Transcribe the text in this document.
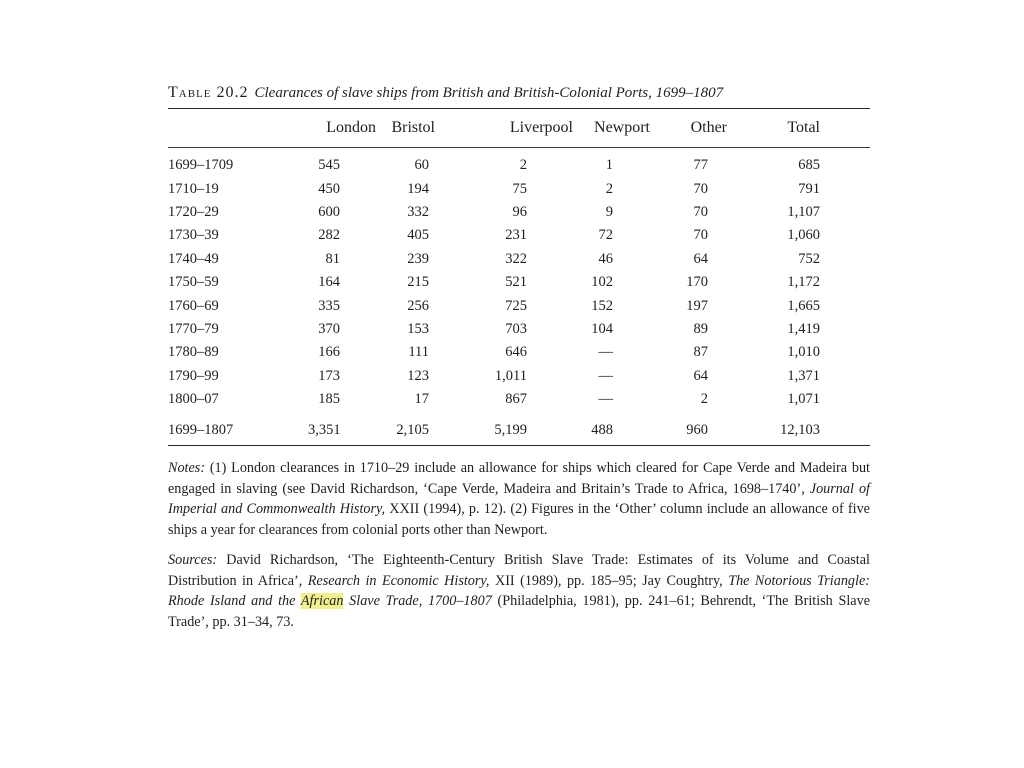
Table 20.2 Clearances of slave ships from British and British-Colonial Ports, 1699–1807
	London	Bristol	Liverpool	Newport	Other	Total
1699–1709	545	60	2	1	77	685
1710–19	450	194	75	2	70	791
1720–29	600	332	96	9	70	1,107
1730–39	282	405	231	72	70	1,060
1740–49	81	239	322	46	64	752
1750–59	164	215	521	102	170	1,172
1760–69	335	256	725	152	197	1,665
1770–79	370	153	703	104	89	1,419
1780–89	166	111	646	—	87	1,010
1790–99	173	123	1,011	—	64	1,371
1800–07	185	17	867	—	2	1,071
1699–1807	3,351	2,105	5,199	488	960	12,103

Notes: (1) London clearances in 1710–29 include an allowance for ships which cleared for Cape Verde and Madeira but engaged in slaving (see David Richardson, ‘Cape Verde, Madeira and Britain’s Trade to Africa, 1698–1740’, Journal of Imperial and Commonwealth History, XXII (1994), p. 12). (2) Figures in the ‘Other’ column include an allowance of five ships a year for clearances from colonial ports other than Newport.

Sources: David Richardson, ‘The Eighteenth-Century British Slave Trade: Estimates of its Volume and Coastal Distribution in Africa’, Research in Economic History, XII (1989), pp. 185–95; Jay Coughtry, The Notorious Triangle: Rhode Island and the African Slave Trade, 1700–1807 (Philadelphia, 1981), pp. 241–61; Behrendt, ‘The British Slave Trade’, pp. 31–34, 73.
